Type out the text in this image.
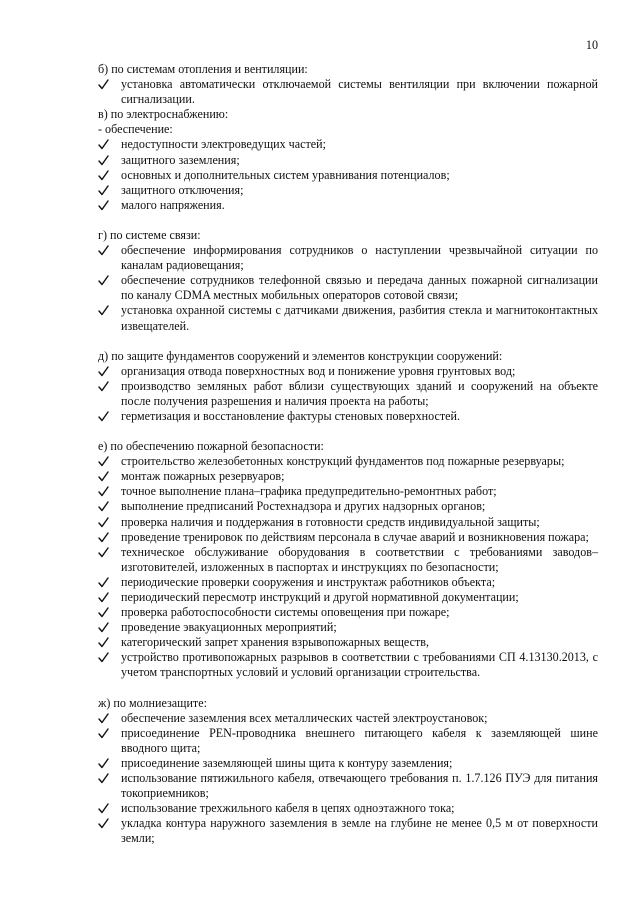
10
б) по системам отопления и вентиляции:
установка автоматически отключаемой системы вентиляции при включении пожарной сигнализации.
в) по электроснабжению:
- обеспечение:
недоступности электроведущих частей;
защитного заземления;
основных и дополнительных систем уравнивания потенциалов;
защитного отключения;
малого напряжения.
г) по системе связи:
обеспечение информирования сотрудников о наступлении чрезвычайной ситуации по каналам радиовещания;
обеспечение сотрудников телефонной связью и передача данных пожарной сигнализации по каналу CDMA местных мобильных операторов сотовой связи;
установка охранной системы с датчиками движения, разбития стекла и магнитоконтактных извещателей.
д) по защите фундаментов сооружений и элементов конструкции сооружений:
организация отвода поверхностных вод и понижение уровня грунтовых вод;
производство земляных работ вблизи существующих зданий и сооружений на объекте после получения разрешения и наличия проекта на работы;
герметизация и восстановление фактуры стеновых поверхностей.
е) по обеспечению пожарной безопасности:
строительство железобетонных конструкций фундаментов под пожарные резервуары;
монтаж пожарных резервуаров;
точное выполнение плана–графика предупредительно-ремонтных работ;
выполнение предписаний Ростехнадзора и других надзорных органов;
проверка наличия и поддержания в готовности средств индивидуальной защиты;
проведение тренировок по действиям персонала в случае аварий и возникновения пожара;
техническое обслуживание оборудования в соответствии с требованиями заводов–изготовителей, изложенных в паспортах и инструкциях по безопасности;
периодические проверки сооружения и инструктаж работников объекта;
периодический пересмотр инструкций и другой нормативной документации;
проверка работоспособности системы оповещения при пожаре;
проведение эвакуационных мероприятий;
категорический запрет хранения взрывопожарных веществ,
устройство противопожарных разрывов в соответствии с требованиями СП 4.13130.2013, с учетом транспортных условий и условий организации строительства.
ж) по молниезащите:
обеспечение заземления всех металлических частей электроустановок;
присоединение PEN-проводника внешнего питающего кабеля к заземляющей шине вводного щита;
присоединение заземляющей шины щита к контуру заземления;
использование пятижильного кабеля, отвечающего требования п. 1.7.126 ПУЭ для питания токоприемников;
использование трехжильного кабеля в цепях одноэтажного тока;
укладка контура наружного заземления в земле на глубине не менее 0,5 м от поверхности земли;
